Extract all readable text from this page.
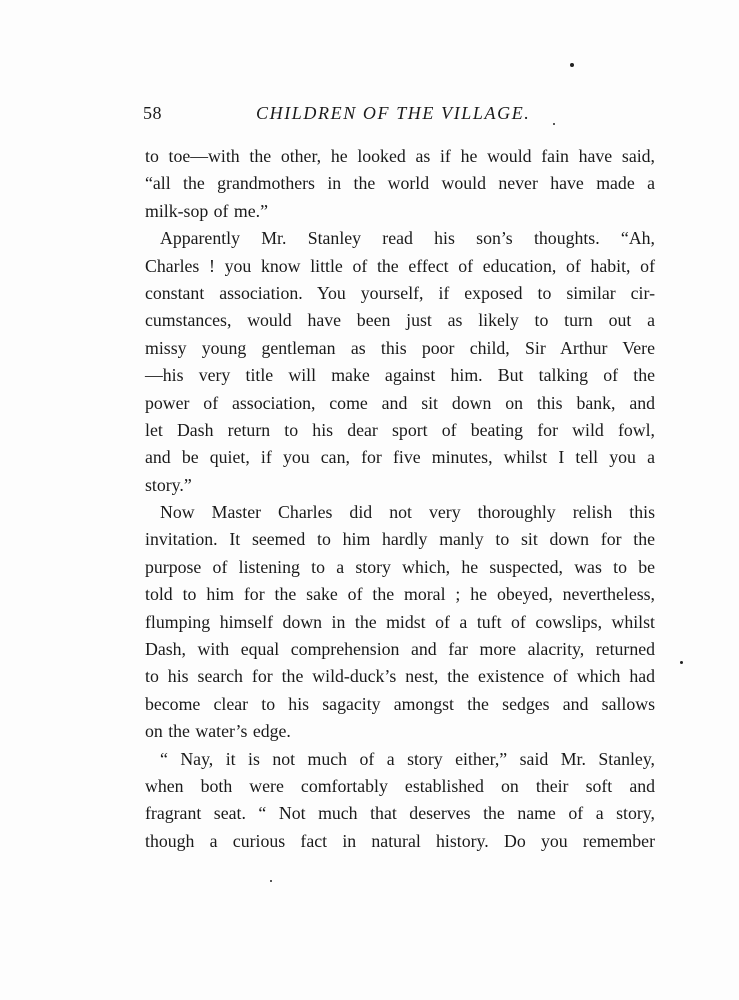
58	CHILDREN OF THE VILLAGE.
to toe—with the other, he looked as if he would fain have said,
“all the grandmothers in the world would never have made a
milk-sop of me.”
Apparently Mr. Stanley read his son’s thoughts. “Ah,
Charles ! you know little of the effect of education, of habit, of
constant association. You yourself, if exposed to similar cir-
cumstances, would have been just as likely to turn out a
missy young gentleman as this poor child, Sir Arthur Vere
—his very title will make against him. But talking of the
power of association, come and sit down on this bank, and
let Dash return to his dear sport of beating for wild fowl,
and be quiet, if you can, for five minutes, whilst I tell you a
story.”
Now Master Charles did not very thoroughly relish this
invitation. It seemed to him hardly manly to sit down for the
purpose of listening to a story which, he suspected, was to be
told to him for the sake of the moral ; he obeyed, nevertheless,
flumping himself down in the midst of a tuft of cowslips, whilst
Dash, with equal comprehension and far more alacrity, returned
to his search for the wild-duck’s nest, the existence of which had
become clear to his sagacity amongst the sedges and sallows
on the water’s edge.
“ Nay, it is not much of a story either,” said Mr. Stanley,
when both were comfortably established on their soft and
fragrant seat. “ Not much that deserves the name of a story,
though a curious fact in natural history. Do you remember
